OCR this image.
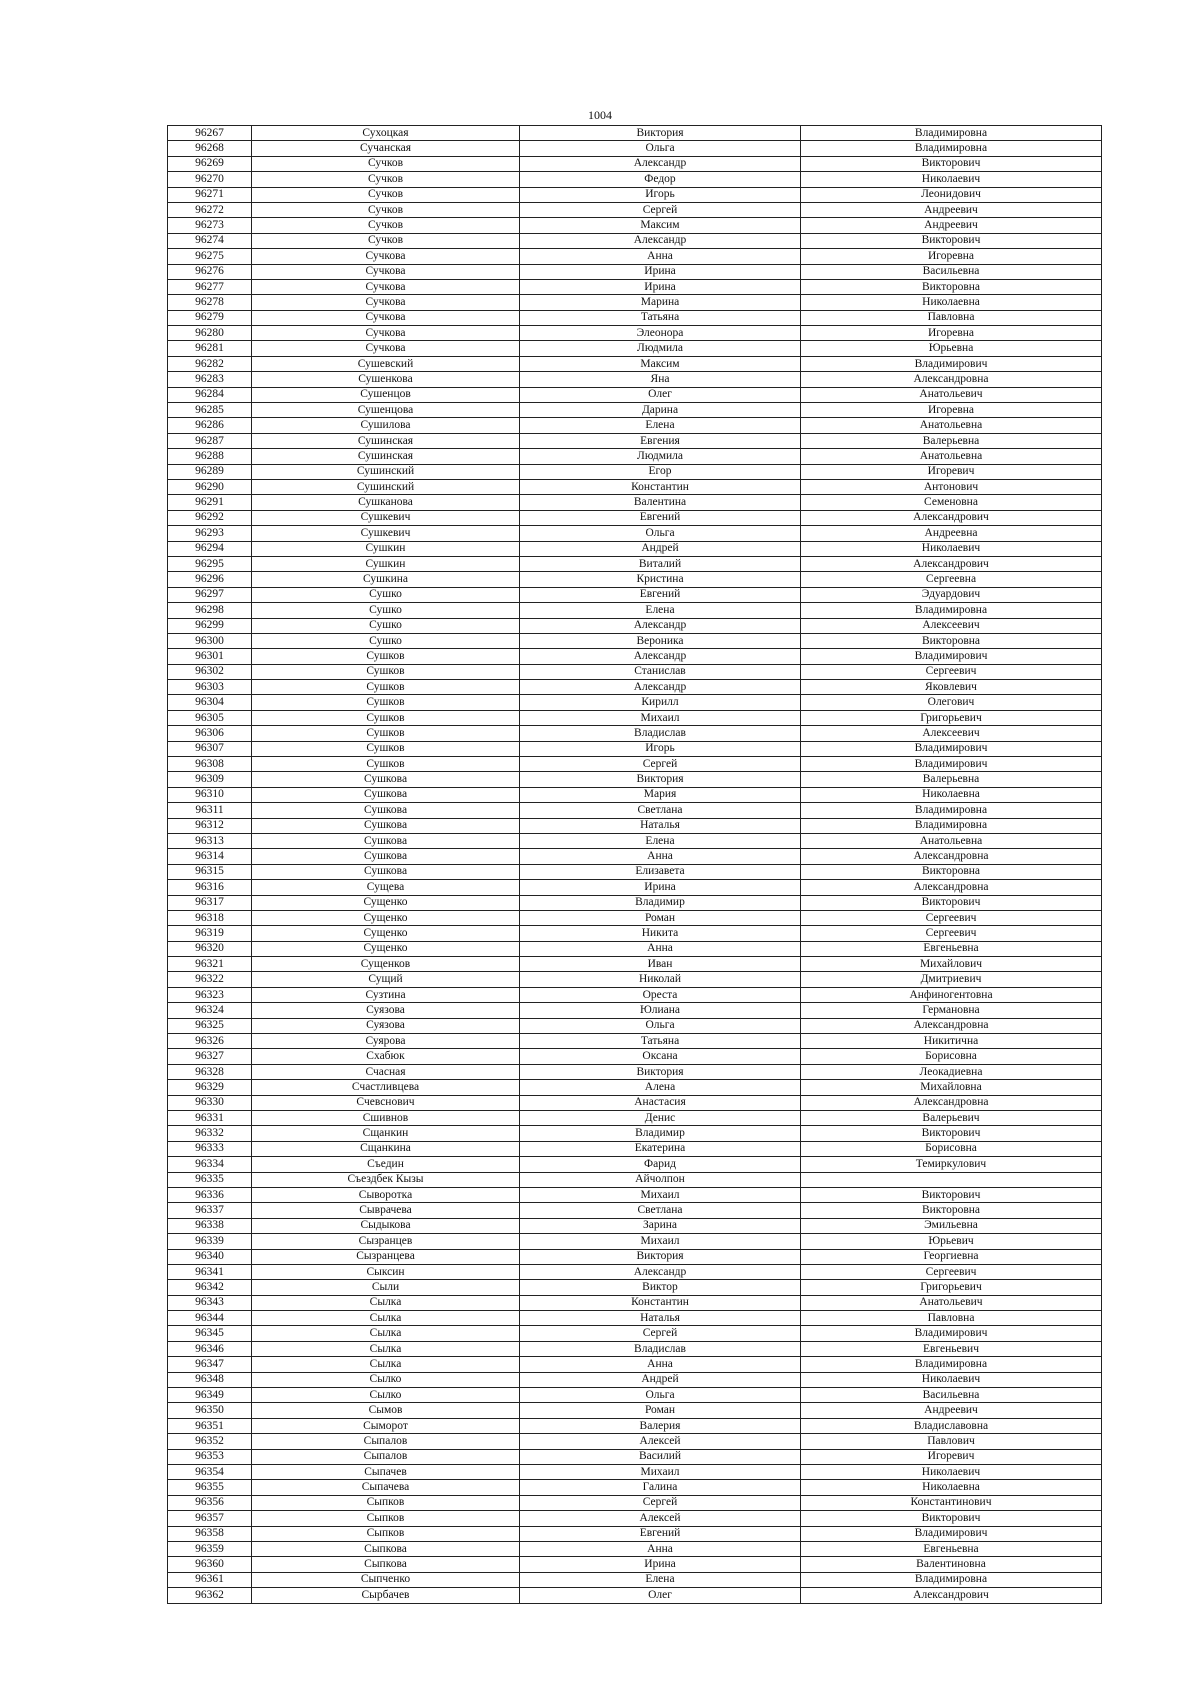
1004
96267	Сухоцкая	Виктория	Владимировна
96268	Сучанская	Ольга	Владимировна
96269	Сучков	Александр	Викторович
96270	Сучков	Федор	Николаевич
96271	Сучков	Игорь	Леонидович
96272	Сучков	Сергей	Андреевич
96273	Сучков	Максим	Андреевич
96274	Сучков	Александр	Викторович
96275	Сучкова	Анна	Игоревна
96276	Сучкова	Ирина	Васильевна
96277	Сучкова	Ирина	Викторовна
96278	Сучкова	Марина	Николаевна
96279	Сучкова	Татьяна	Павловна
96280	Сучкова	Элеонора	Игоревна
96281	Сучкова	Людмила	Юрьевна
96282	Сушевский	Максим	Владимирович
96283	Сушенкова	Яна	Александровна
96284	Сушенцов	Олег	Анатольевич
96285	Сушенцова	Дарина	Игоревна
96286	Сушилова	Елена	Анатольевна
96287	Сушинская	Евгения	Валерьевна
96288	Сушинская	Людмила	Анатольевна
96289	Сушинский	Егор	Игоревич
96290	Сушинский	Константин	Антонович
96291	Сушканова	Валентина	Семеновна
96292	Сушкевич	Евгений	Александрович
96293	Сушкевич	Ольга	Андреевна
96294	Сушкин	Андрей	Николаевич
96295	Сушкин	Виталий	Александрович
96296	Сушкина	Кристина	Сергеевна
96297	Сушко	Евгений	Эдуардович
96298	Сушко	Елена	Владимировна
96299	Сушко	Александр	Алексеевич
96300	Сушко	Вероника	Викторовна
96301	Сушков	Александр	Владимирович
96302	Сушков	Станислав	Сергеевич
96303	Сушков	Александр	Яковлевич
96304	Сушков	Кирилл	Олегович
96305	Сушков	Михаил	Григорьевич
96306	Сушков	Владислав	Алексеевич
96307	Сушков	Игорь	Владимирович
96308	Сушков	Сергей	Владимирович
96309	Сушкова	Виктория	Валерьевна
96310	Сушкова	Мария	Николаевна
96311	Сушкова	Светлана	Владимировна
96312	Сушкова	Наталья	Владимировна
96313	Сушкова	Елена	Анатольевна
96314	Сушкова	Анна	Александровна
96315	Сушкова	Елизавета	Викторовна
96316	Сущева	Ирина	Александровна
96317	Сущенко	Владимир	Викторович
96318	Сущенко	Роман	Сергеевич
96319	Сущенко	Никита	Сергеевич
96320	Сущенко	Анна	Евгеньевна
96321	Сущенков	Иван	Михайлович
96322	Сущий	Николай	Дмитриевич
96323	Сузтина	Ореста	Анфиногентовна
96324	Суязова	Юлиана	Германовна
96325	Суязова	Ольга	Александровна
96326	Суярова	Татьяна	Никитична
96327	Схабюк	Оксана	Борисовна
96328	Счасная	Виктория	Леокадиевна
96329	Счастливцева	Алена	Михайловна
96330	Счевснович	Анастасия	Александровна
96331	Сшивнов	Денис	Валерьевич
96332	Сщанкин	Владимир	Викторович
96333	Сщанкина	Екатерина	Борисовна
96334	Съедин	Фарид	Темиркулович
96335	Съездбек Кызы	Айчолпон	
96336	Сыворотка	Михаил	Викторович
96337	Сыврачева	Светлана	Викторовна
96338	Сыдыкова	Зарина	Эмильевна
96339	Сызранцев	Михаил	Юрьевич
96340	Сызранцева	Виктория	Георгиевна
96341	Сыксин	Александр	Сергеевич
96342	Сыли	Виктор	Григорьевич
96343	Сылка	Константин	Анатольевич
96344	Сылка	Наталья	Павловна
96345	Сылка	Сергей	Владимирович
96346	Сылка	Владислав	Евгеньевич
96347	Сылка	Анна	Владимировна
96348	Сылко	Андрей	Николаевич
96349	Сылко	Ольга	Васильевна
96350	Сымов	Роман	Андреевич
96351	Сыморот	Валерия	Владиславовна
96352	Сыпалов	Алексей	Павлович
96353	Сыпалов	Василий	Игоревич
96354	Сыпачев	Михаил	Николаевич
96355	Сыпачева	Галина	Николаевна
96356	Сыпков	Сергей	Константинович
96357	Сыпков	Алексей	Викторович
96358	Сыпков	Евгений	Владимирович
96359	Сыпкова	Анна	Евгеньевна
96360	Сыпкова	Ирина	Валентиновна
96361	Сыпченко	Елена	Владимировна
96362	Сырбачев	Олег	Александрович
